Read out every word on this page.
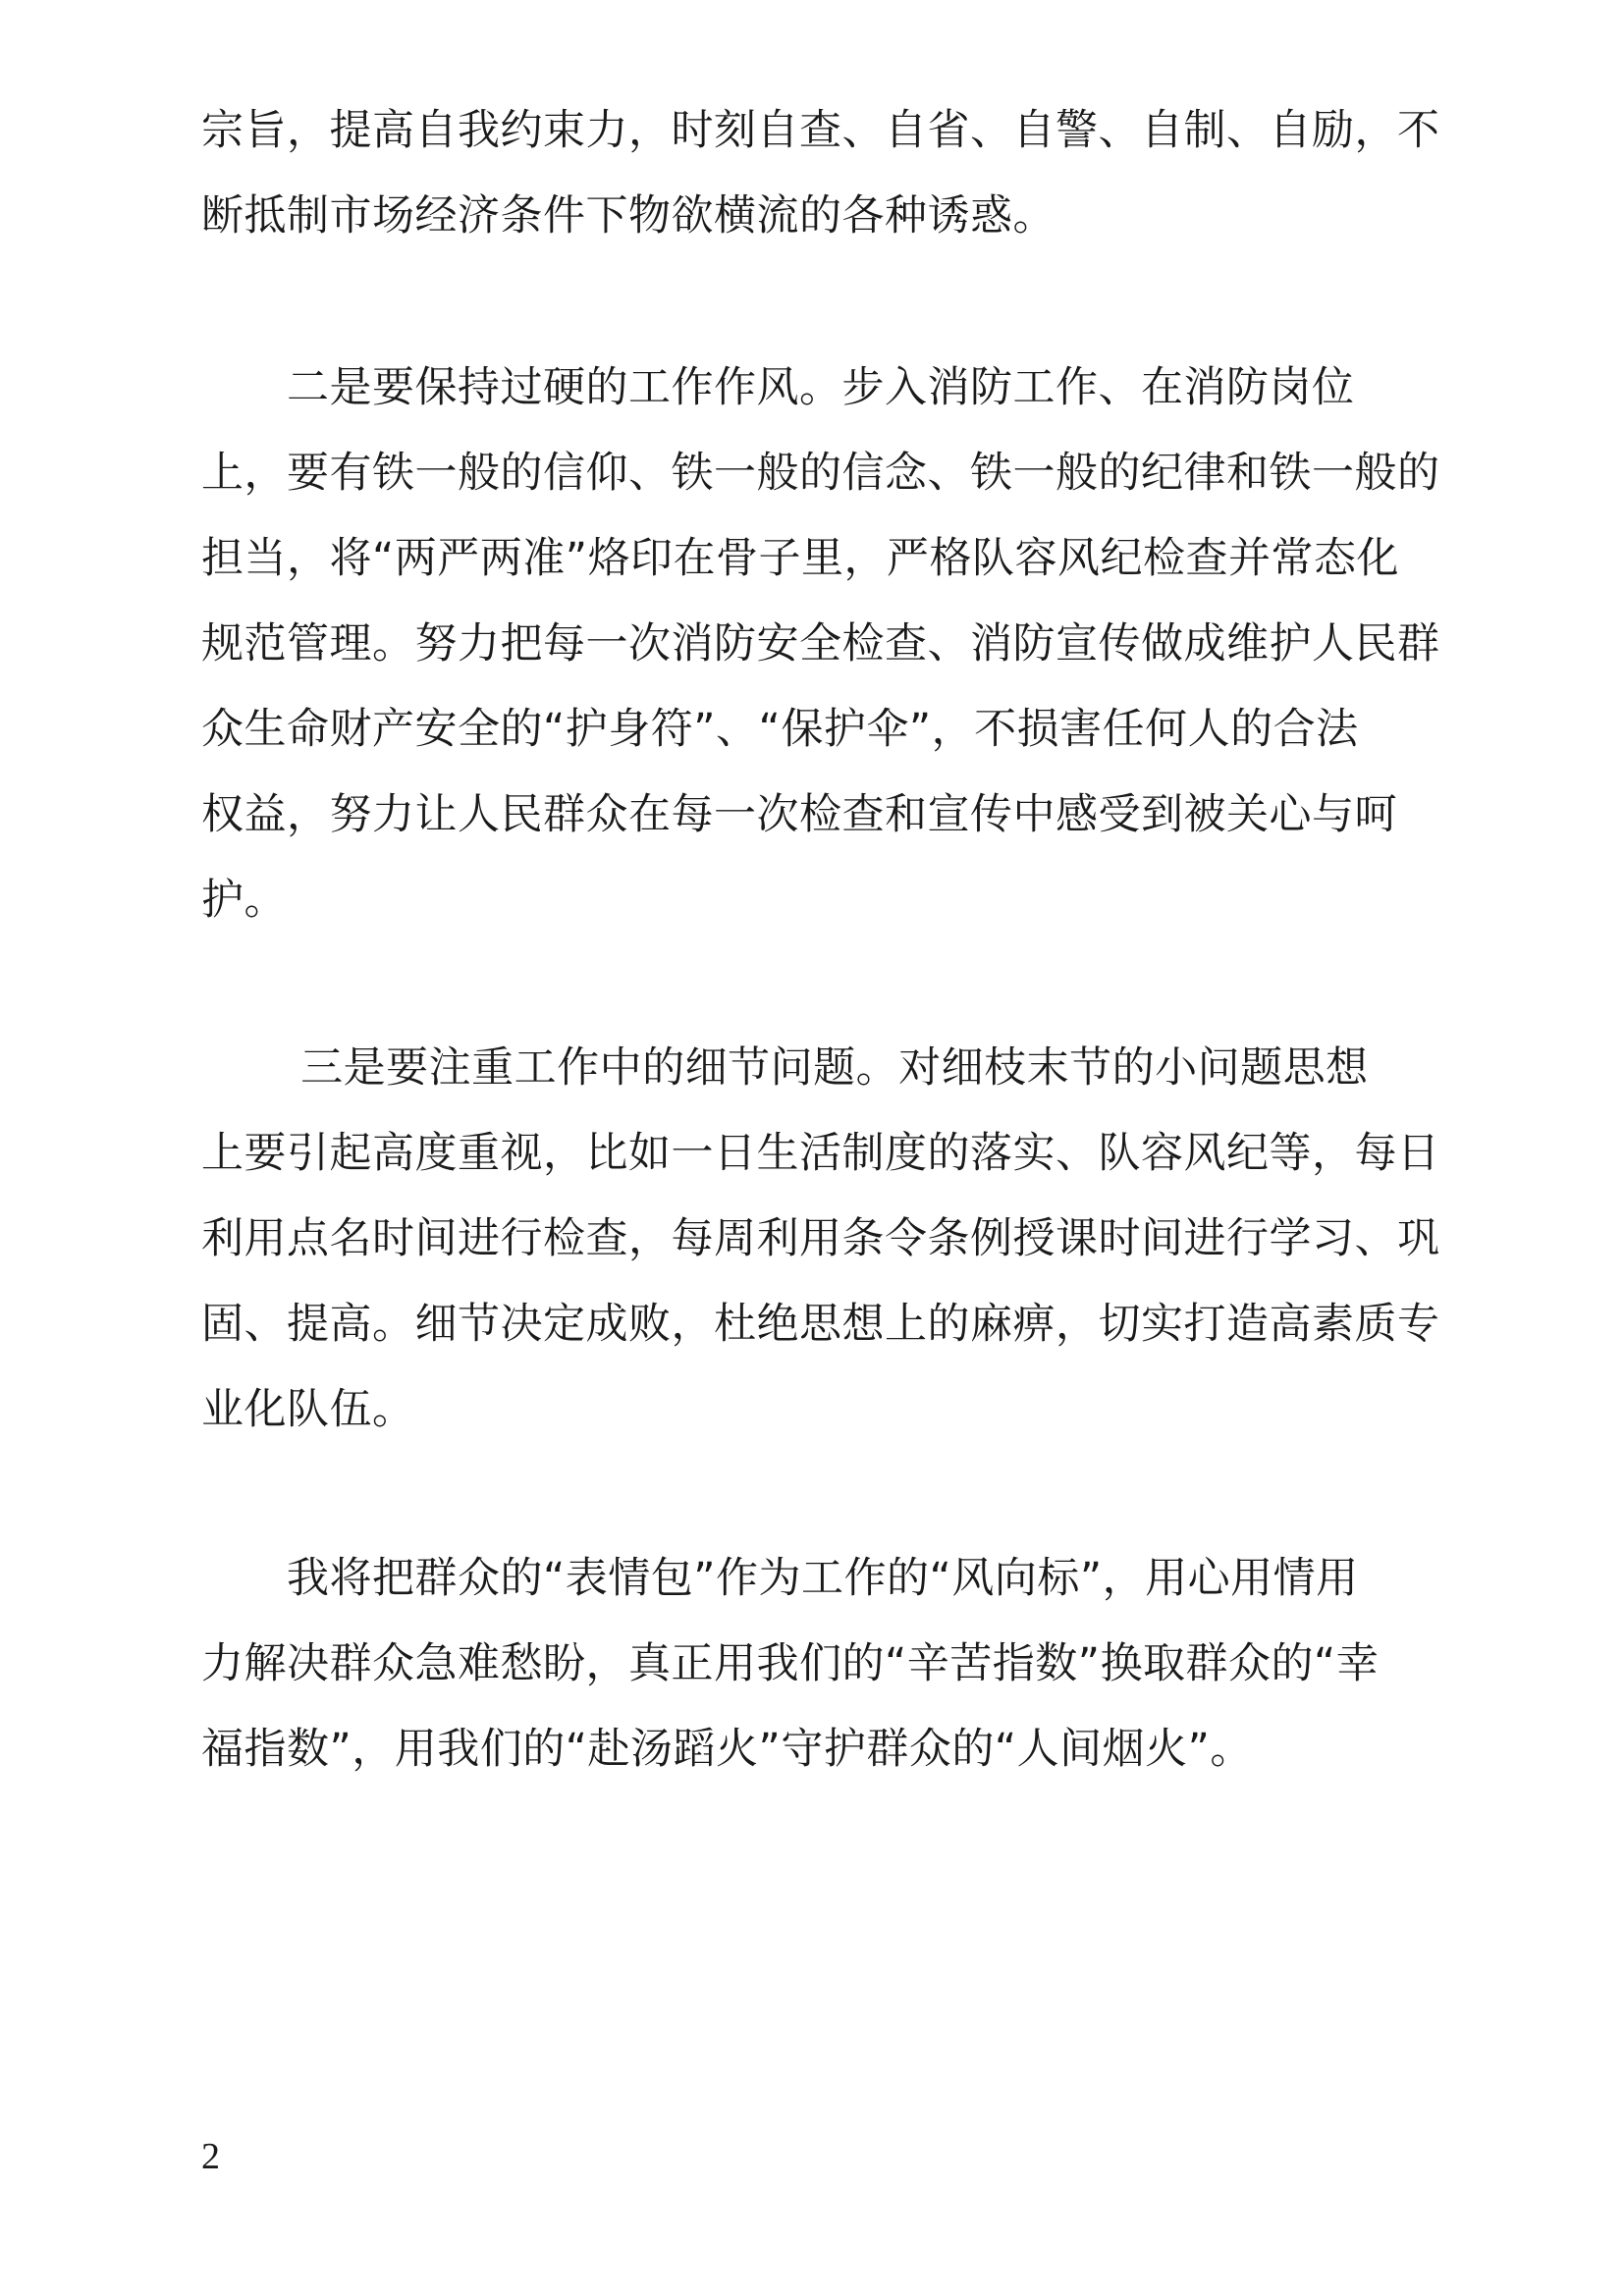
宗旨，提高自我约束力，时刻自查、自省、自警、自制、自励，不
断抵制市场经济条件下物欲横流的各种诱惑。
　　二是要保持过硬的工作作风。步入消防工作、在消防岗位
上，要有铁一般的信仰、铁一般的信念、铁一般的纪律和铁一般的
担当，将“两严两准”烙印在骨子里，严格队容风纪检查并常态化
规范管理。努力把每一次消防安全检查、消防宣传做成维护人民群
众生命财产安全的“护身符”、“保护伞”，不损害任何人的合法
权益，努力让人民群众在每一次检查和宣传中感受到被关心与呵
护。
　　 三是要注重工作中的细节问题。对细枝末节的小问题思想
上要引起高度重视，比如一日生活制度的落实、队容风纪等，每日
利用点名时间进行检查，每周利用条令条例授课时间进行学习、巩
固、提高。细节决定成败，杜绝思想上的麻痹，切实打造高素质专
业化队伍。
　　我将把群众的“表情包”作为工作的“风向标”，用心用情用
力解决群众急难愁盼，真正用我们的“辛苦指数”换取群众的“幸
福指数”，用我们的“赴汤蹈火”守护群众的“人间烟火”。
2
